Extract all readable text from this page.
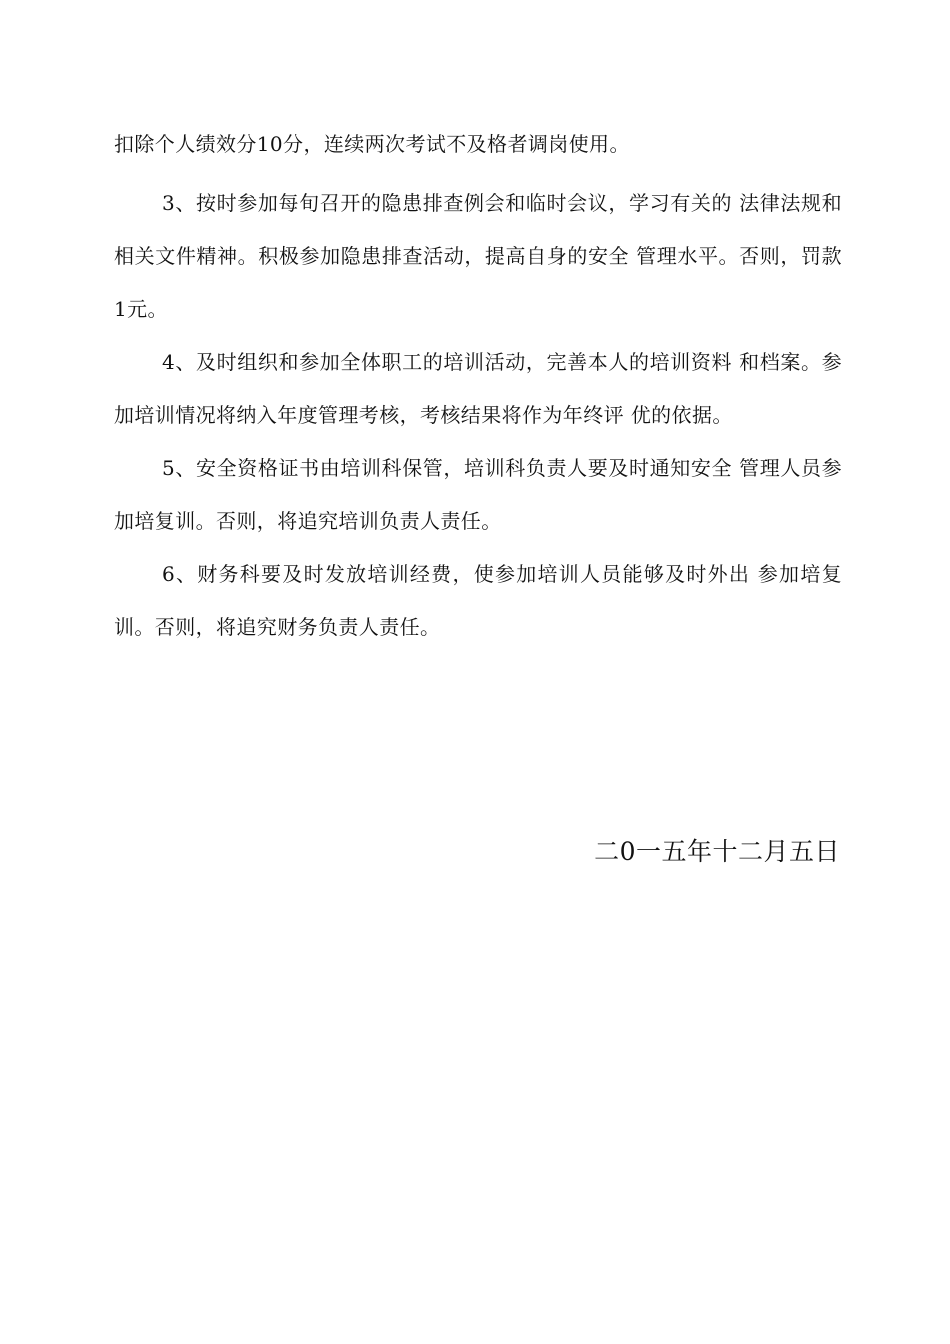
扣除个人绩效分10分，连续两次考试不及格者调岗使用。

3、按时参加每旬召开的隐患排查例会和临时会议，学习有关的 法律法规和相关文件精神。积极参加隐患排查活动，提高自身的安全 管理水平。否则，罚款1元。

4、及时组织和参加全体职工的培训活动，完善本人的培训资料 和档案。参加培训情况将纳入年度管理考核，考核结果将作为年终评 优的依据。

5、安全资格证书由培训科保管，培训科负责人要及时通知安全 管理人员参加培复训。否则，将追究培训负责人责任。

6、财务科要及时发放培训经费，使参加培训人员能够及时外出 参加培复训。否则，将追究财务负责人责任。

二0一五年十二月五日
